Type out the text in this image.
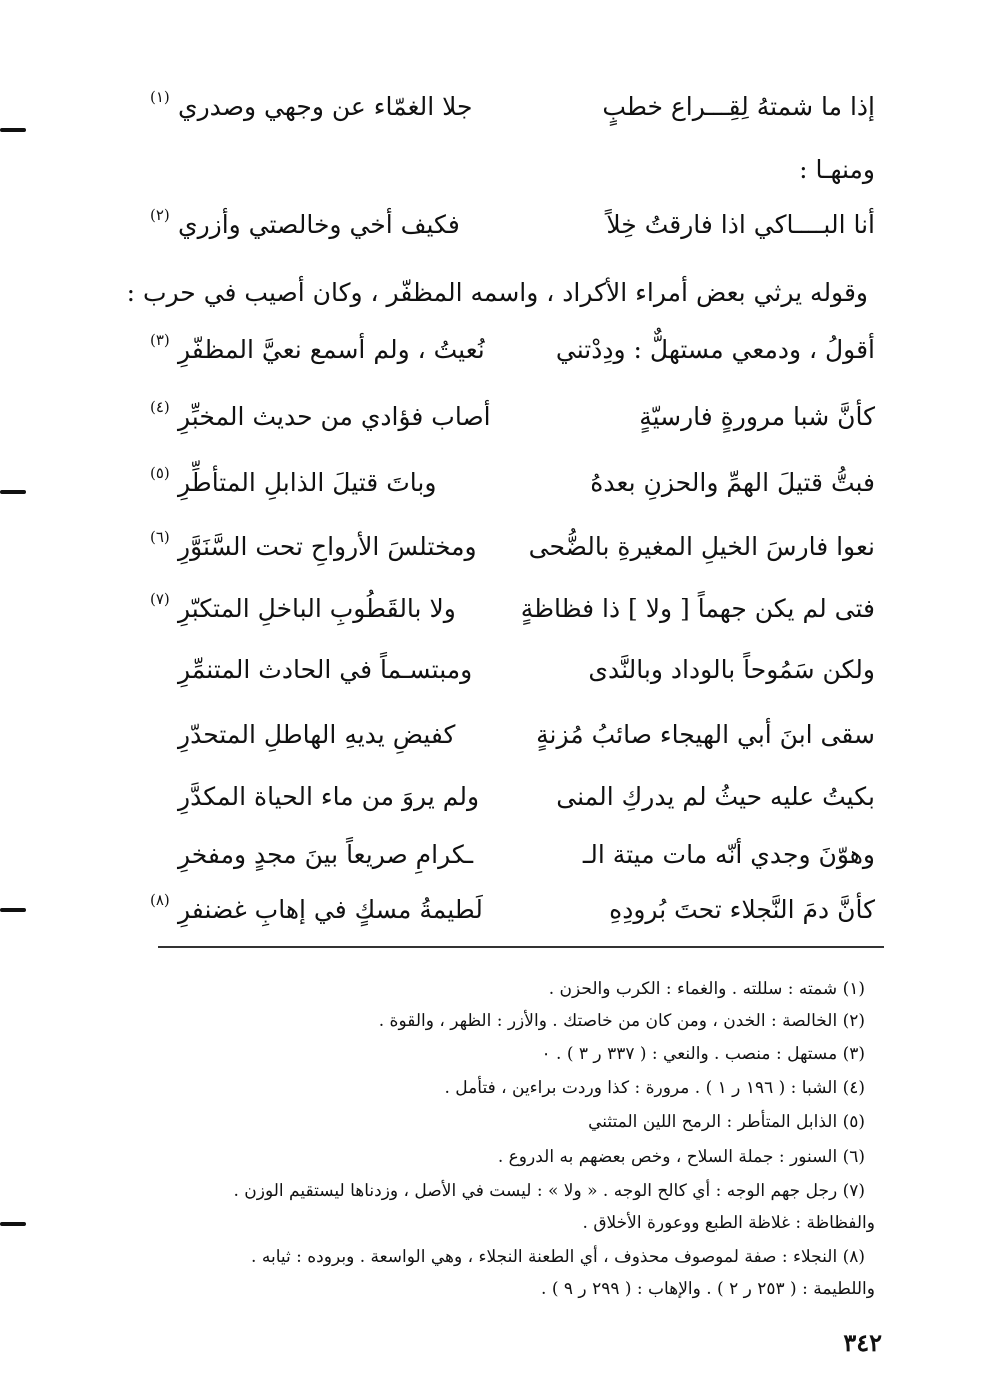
إذا ما شمتهُ لِقِـــراع خطبٍ
جلا الغمّاء عن وجهي وصدري
(١)
ومنهـا :
أنا البــــاكي اذا فارقتُ خِلاً
فكيف أخي وخالصتي وأزري
(٢)
وقوله يرثي بعض أمراء الأكراد ، واسمه المظفّر ، وكان أصيب في حرب :
أقولُ ، ودمعي مستهلٌّ : ودِدْتني
نُعيتُ ، ولم أسمع نعيَّ المظفّرِ
(٣)
كأنَّ شبا مرورةٍ فارسيّةٍ
أصاب فؤادي من حديث المخبِّرِ
(٤)
فبتُّ قتيلَ الهمِّ والحزنِ بعدهُ
وباتَ قتيلَ الذابلِ المتأطِّرِ
(٥)
نعوا فارسَ الخيلِ المغيرةِ بالضُّحى
ومختلسَ الأرواحِ تحت السَّنَوَّرِ
(٦)
فتى لم يكن جهماً [ ولا ] ذا فظاظةٍ
ولا بالقَطُوبِ الباخلِ المتكبّرِ
(٧)
ولكن سَمُوحاً بالوداد وبالنَّدى
ومبتسـماً في الحادث المتنمِّرِ
سقى ابنَ أبي الهيجاء صائبُ مُزنةٍ
كفيضِ يديهِ الهاطلِ المتحدّرِ
بكيتُ عليه حيثُ لم يدركِ المنى
ولم يروَ من ماء الحياة المكدَّرِ
وهوّنَ وجدي أنّه مات ميتة الـ
ـكرامِ صريعاً بينَ مجدٍ ومفخرِ
كأنَّ دمَ النَّجلاء تحتَ بُرودِهِ
لَطيمةُ مسكٍ في إهابِ غضنفرِ
(٨)
(١) شمته : سللته . والغماء : الكرب والحزن .
(٢) الخالصة : الخدن ، ومن كان من خاصتك . والأزر : الظهر ، والقوة .
(٣) مستهل : منصب . والنعي : ( ٣٣٧ ر ٣ ) . ۰
(٤) الشبا : ( ١٩٦ ر ١ ) . مرورة : كذا وردت براءين ، فتأمل .
(٥) الذابل المتأطر : الرمح اللين المتثني
(٦) السنور : جملة السلاح ، وخص بعضهم به الدروع .
(٧) رجل جهم الوجه : أي كالح الوجه . « ولا » : ليست في الأصل ، وزدناها ليستقيم الوزن .
والفظاظة : غلاظة الطبع ووعورة الأخلاق .
(٨) النجلاء : صفة لموصوف محذوف ، أي الطعنة النجلاء ، وهي الواسعة . وبروده : ثيابه .
واللطيمة : ( ٢٥٣ ر ٢ ) . والإهاب : ( ٢٩٩ ر ٩ ) .
٣٤٢
